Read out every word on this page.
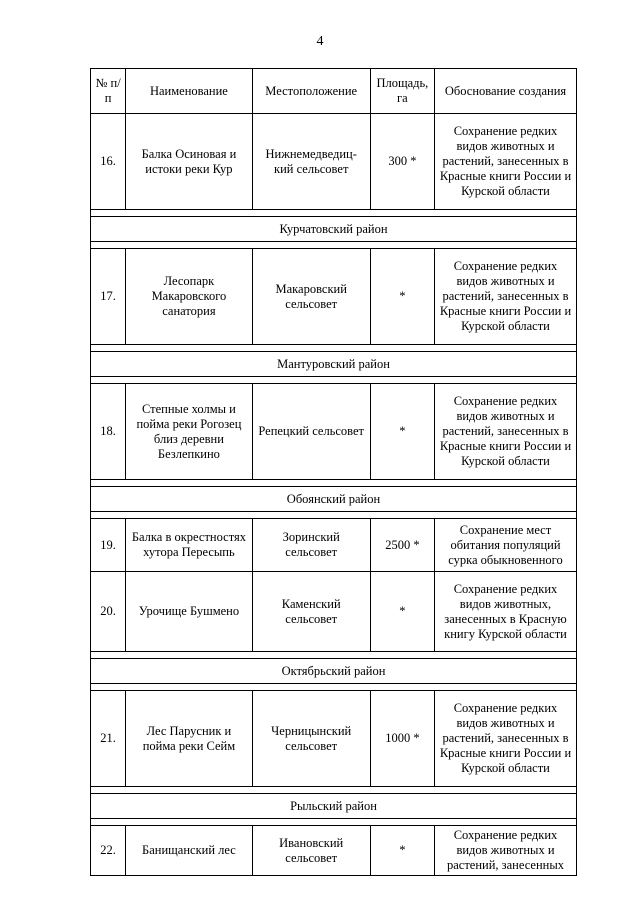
4
№ п/п	Наименование	Местоположение	Площадь, га	Обоснование создания
16.	Балка Осиновая и истоки реки Кур	Нижнемедведиц-кий сельсовет	300 *	Сохранение редких видов животных и растений, занесенных в Красные книги России и Курской области

Курчатовский район				

17.	Лесопарк Макаровского санатория	Макаровский сельсовет	*	Сохранение редких видов животных и растений, занесенных в Красные книги России и Курской области

Мантуровский район				

18.	Степные холмы и пойма реки Рогозец близ деревни Безлепкино	Репецкий сельсовет	*	Сохранение редких видов животных и растений, занесенных в Красные книги России и Курской области

Обоянский район				

19.	Балка в окрестностях хутора Пересыпь	Зоринский сельсовет	2500 *	Сохранение мест обитания популяций сурка обыкновенного
20.	Урочище Бушмено	Каменский сельсовет	*	Сохранение редких видов животных, занесенных в Красную книгу Курской области

Октябрьский район				

21.	Лес Парусник и пойма реки Сейм	Черницынский сельсовет	1000 *	Сохранение редких видов животных и растений, занесенных в Красные книги России и Курской области

Рыльский район				

22.	Банищанский лес	Ивановский сельсовет	*	Сохранение редких видов животных и растений, занесенных
